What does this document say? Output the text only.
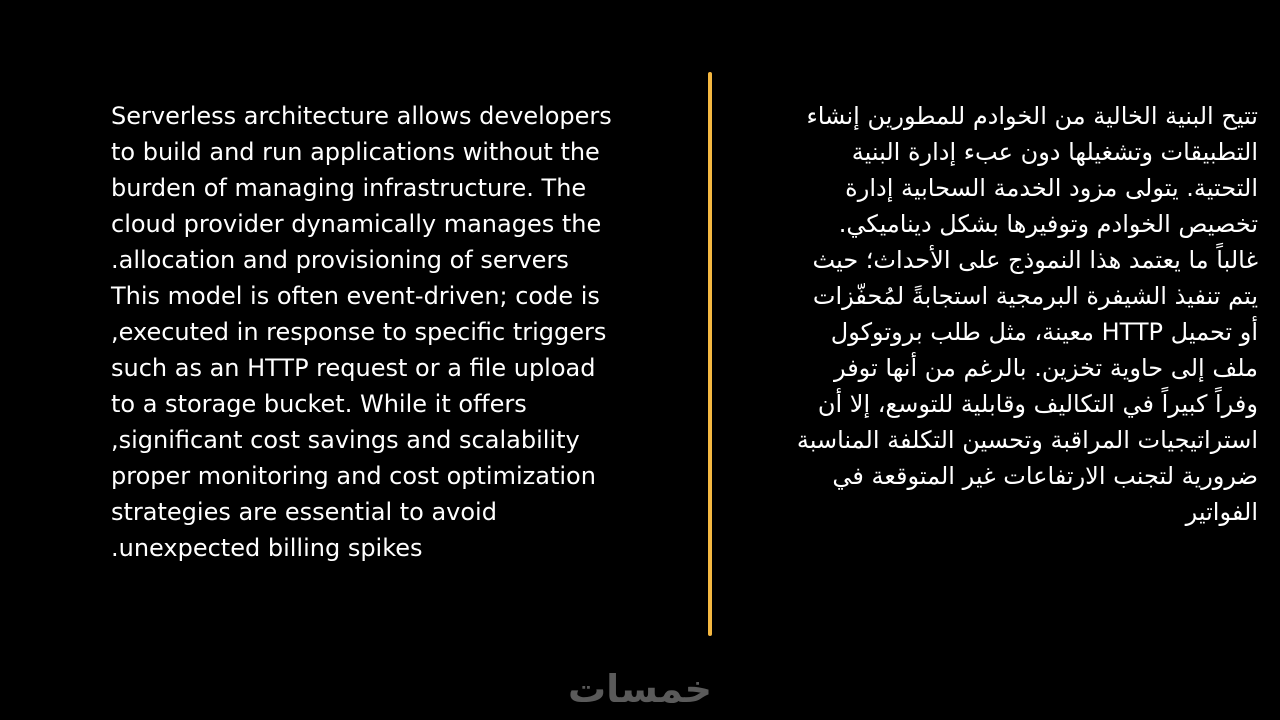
Serverless architecture allows developers
to build and run applications without the
burden of managing infrastructure. The
cloud provider dynamically manages the
.allocation and provisioning of servers
This model is often event-driven; code is
,executed in response to specific triggers
such as an HTTP request or a file upload
to a storage bucket. While it offers
,significant cost savings and scalability
proper monitoring and cost optimization
strategies are essential to avoid
.unexpected billing spikes

تتيح البنية الخالية من الخوادم للمطورين إنشاء
التطبيقات وتشغيلها دون عبء إدارة البنية
التحتية. يتولى مزود الخدمة السحابية إدارة
تخصيص الخوادم وتوفيرها بشكل ديناميكي.
غالباً ما يعتمد هذا النموذج على الأحداث؛ حيث
يتم تنفيذ الشيفرة البرمجية استجابةً لمُحفّزات
أو تحميل HTTP معينة، مثل طلب بروتوكول
ملف إلى حاوية تخزين. بالرغم من أنها توفر
وفراً كبيراً في التكاليف وقابلية للتوسع، إلا أن
استراتيجيات المراقبة وتحسين التكلفة المناسبة
ضرورية لتجنب الارتفاعات غير المتوقعة في
الفواتير

خمسات
